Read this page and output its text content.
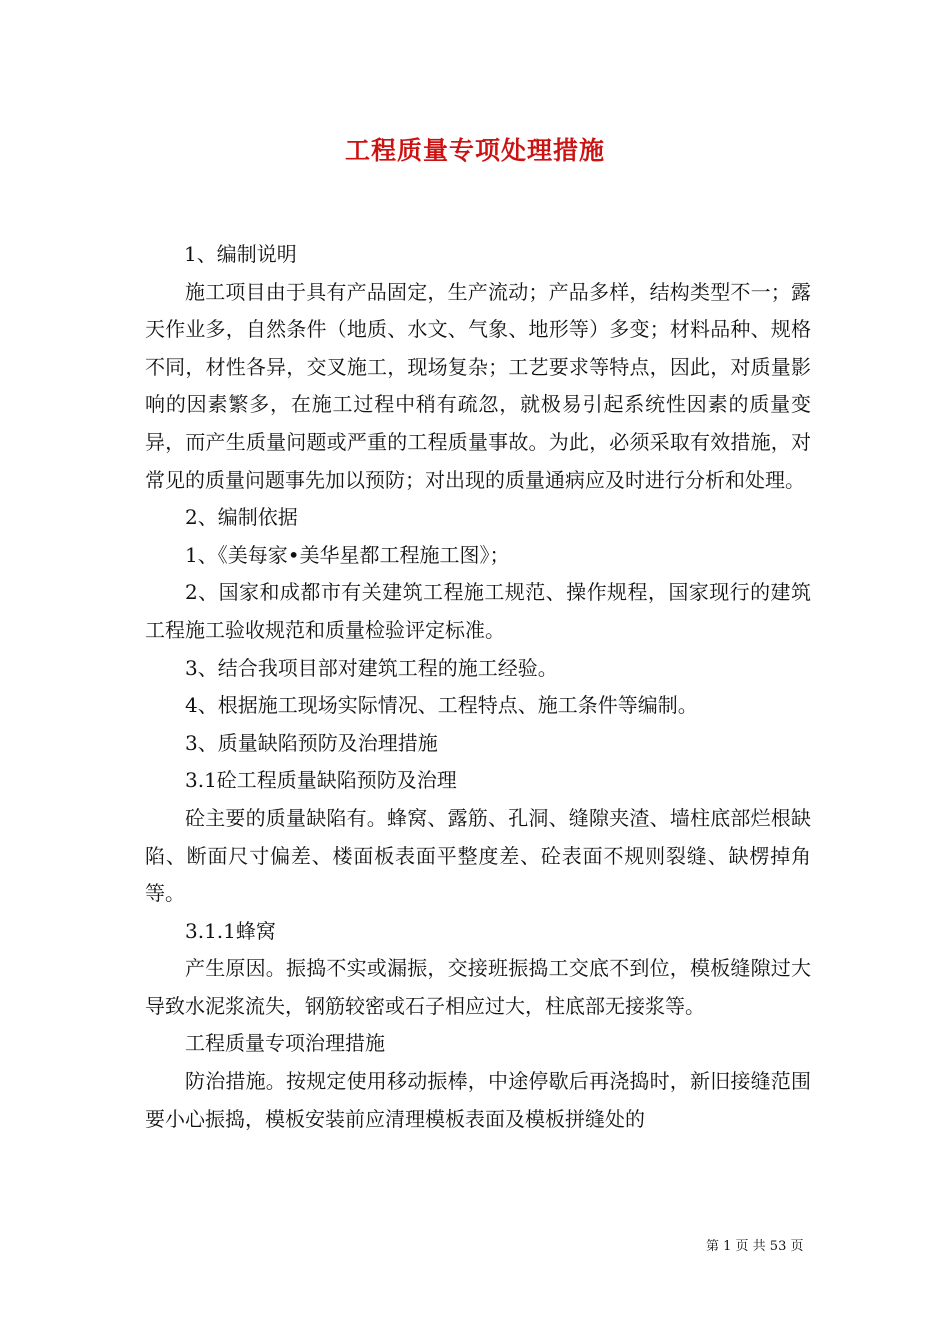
工程质量专项处理措施

1、编制说明

施工项目由于具有产品固定，生产流动；产品多样，结构类型不一；露天作业多，自然条件（地质、水文、气象、地形等）多变；材料品种、规格不同，材性各异，交叉施工，现场复杂；工艺要求等特点，因此，对质量影响的因素繁多，在施工过程中稍有疏忽，就极易引起系统性因素的质量变异，而产生质量问题或严重的工程质量事故。为此，必须采取有效措施，对常见的质量问题事先加以预防；对出现的质量通病应及时进行分析和处理。

2、编制依据

1、《美每家•美华星都工程施工图》；

2、国家和成都市有关建筑工程施工规范、操作规程，国家现行的建筑工程施工验收规范和质量检验评定标准。

3、结合我项目部对建筑工程的施工经验。

4、根据施工现场实际情况、工程特点、施工条件等编制。

3、质量缺陷预防及治理措施

3.1砼工程质量缺陷预防及治理

砼主要的质量缺陷有。蜂窝、露筋、孔洞、缝隙夹渣、墙柱底部烂根缺陷、断面尺寸偏差、楼面板表面平整度差、砼表面不规则裂缝、缺楞掉角等。

3.1.1蜂窝

产生原因。振捣不实或漏振，交接班振捣工交底不到位，模板缝隙过大导致水泥浆流失，钢筋较密或石子相应过大，柱底部无接浆等。

工程质量专项治理措施

防治措施。按规定使用移动振棒，中途停歇后再浇捣时，新旧接缝范围要小心振捣，模板安装前应清理模板表面及模板拼缝处的

第 1 页 共 53 页
